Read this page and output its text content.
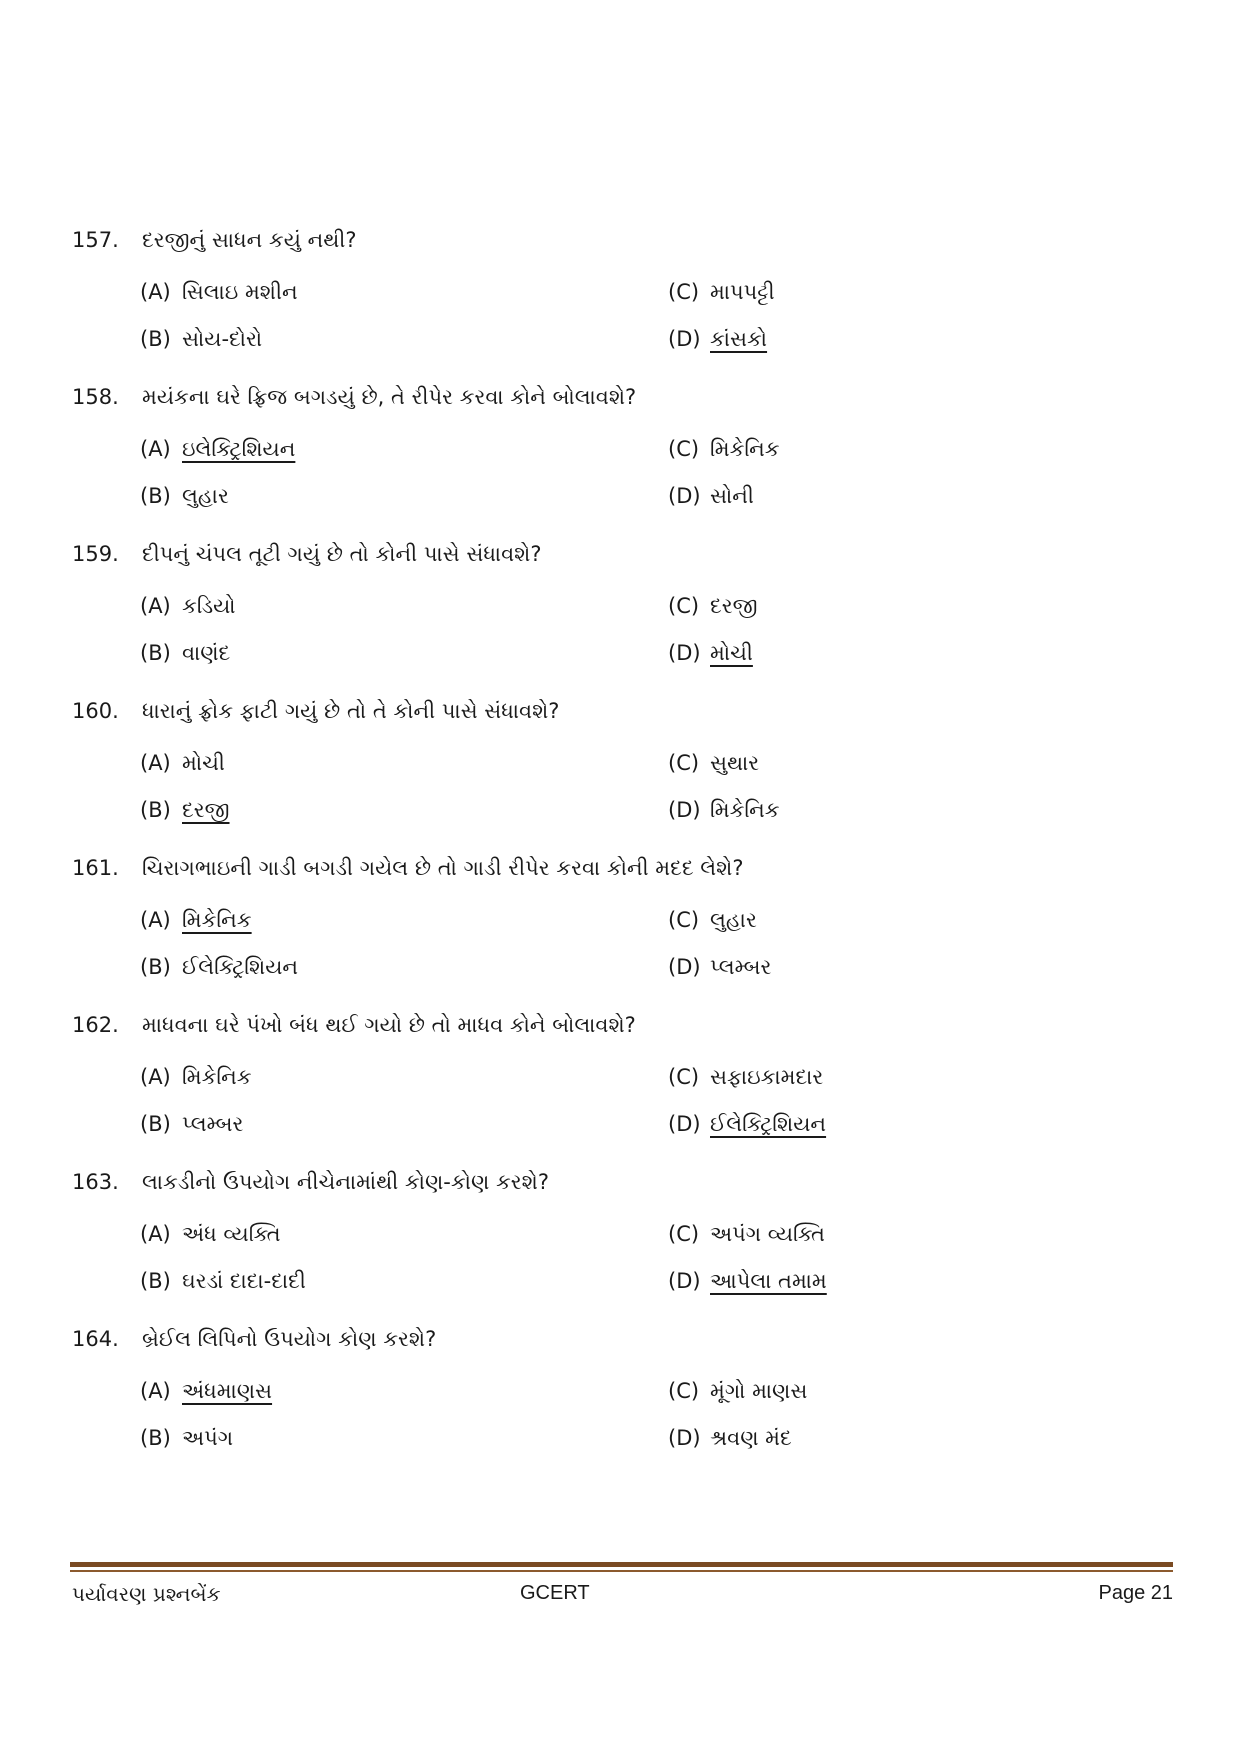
157. દરજીનું સાધન કયું નથી?
(A) સિલાઇ મશીન
(B) સોય-દોરો
(C) માપપટ્ટી
(D) કાંસકો
158. મયંકના ઘરે ફ્રિજ બગડયું છે, તે રીપેર કરવા કોને બોલાવશે?
(A) ઇલેક્ટ્રિશિયન
(B) લુહાર
(C) મિકેનિક
(D) સોની
159. દીપનું ચંપલ તૂટી ગયું છે તો કોની પાસે સંધાવશે?
(A) કડિયો
(B) વાણંદ
(C) દરજી
(D) મોચી
160. ધારાનું ફ્રોક ફાટી ગયું છે તો તે કોની પાસે સંધાવશે?
(A) મોચી
(B) દરજી
(C) સુથાર
(D) મિકેનિક
161. ચિરાગભાઇની ગાડી બગડી ગયેલ છે તો ગાડી રીપેર કરવા કોની મદદ લેશે?
(A) મિકેનિક
(B) ઈલેક્ટ્રિશિયન
(C) લુહાર
(D) પ્લમ્બર
162. માધવના ઘરે પંખો બંધ થઈ ગયો છે તો માધવ કોને બોલાવશે?
(A) મિકેનિક
(B) પ્લમ્બર
(C) સફાઇકામદાર
(D) ઈલેક્ટ્રિશિયન
163. લાકડીનો ઉપયોગ નીચેનામાંથી કોણ-કોણ કરશે?
(A) અંધ વ્યક્તિ
(B) ઘરડાં દાદા-દાદી
(C) અપંગ વ્યક્તિ
(D) આપેલા તમામ
164. બ્રેઈલ લિપિનો ઉપયોગ કોણ કરશે?
(A) અંધમાણસ
(B) અપંગ
(C) મૂંગો માણસ
(D) શ્રવણ મંદ
પર્યાવરણ પ્રશ્નબેંક	GCERT	Page 21
